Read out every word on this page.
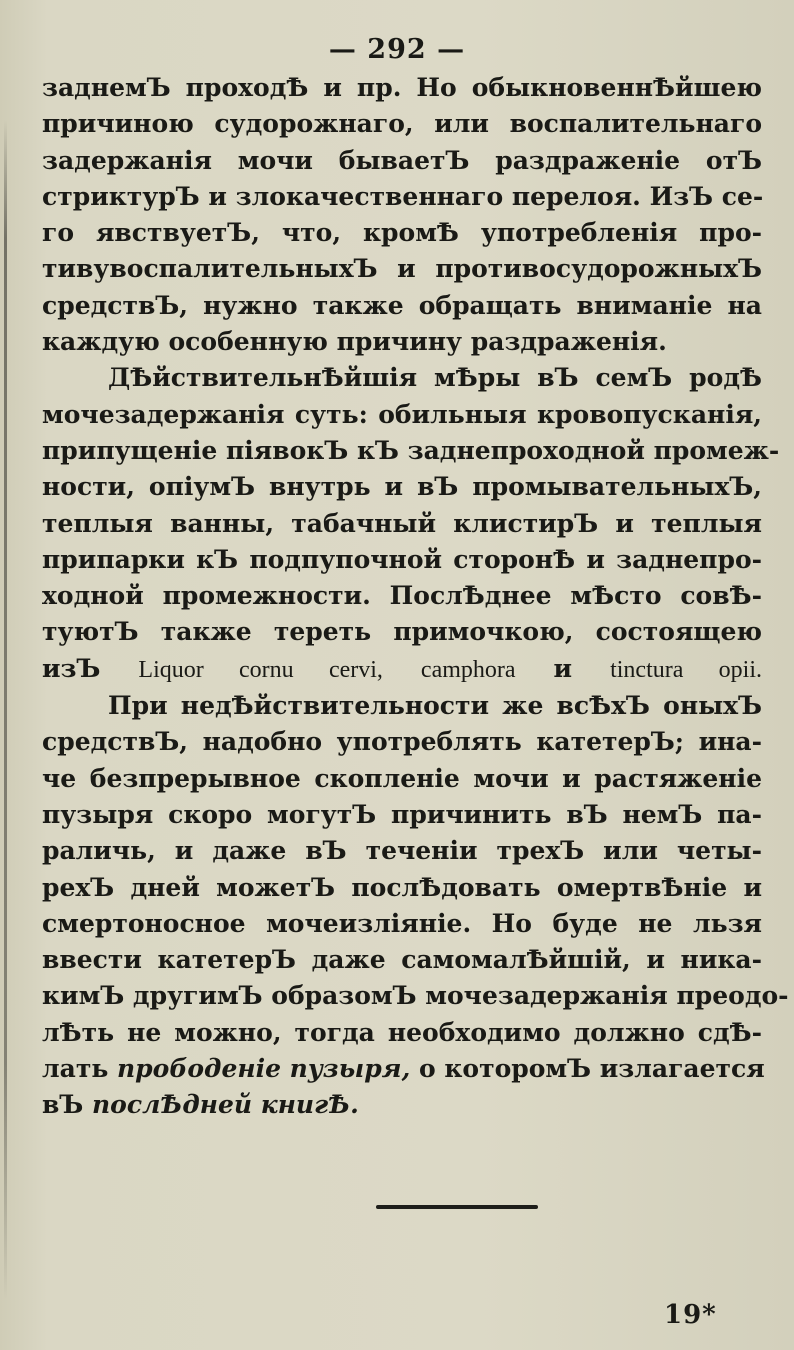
— 292 —
заднемЪ проходѢ и пр. Но обыкновеннѢйшею
причиною судорожнаго, или воспалительнаго
задержанія мочи бываетЪ раздраженіе отЪ
стриктурЪ и злокачественнаго перелоя. ИзЪ се-
го явствуетЪ, что, кромѢ употребленія про-
тивувоспалительныхЪ и противосудорожныхЪ
средствЪ, нужно также обращать вниманіе на
каждую особенную причину раздраженія.
ДѢйствительнѢйшія мѢры вЪ семЪ родѢ
мочезадержанія суть: обильныя кровопусканія,
припущеніе піявокЪ кЪ заднепроходной промеж-
ности, опіумЪ внутрь и вЪ промывательныхЪ,
теплыя ванны, табачный клистирЪ и теплыя
припарки кЪ подпупочной сторонѢ и заднепро-
ходной промежности. ПослѢднее мѢсто совѢ-
туютЪ также тереть примочкою, состоящею
изЪ Liquor cornu cervi, camphora и tinctura opii.
При недѢйствительности же всѢхЪ оныхЪ
средствЪ, надобно употреблять катетерЪ; ина-
че безпрерывное скопленіе мочи и растяженіе
пузыря скоро могутЪ причинить вЪ немЪ па-
раличь, и даже вЪ теченіи трехЪ или четы-
рехЪ дней можетЪ послѢдовать омертвѢніе и
смертоносное мочеизліяніе. Но буде не льзя
ввести катетерЪ даже самомалѢйшій, и ника-
кимЪ другимЪ образомЪ мочезадержанія преодо-
лѢть не можно, тогда необходимо должно сдѢ-
лать прободеніе пузыря, о которомЪ излагается
вЪ послѢдней книгѢ.
19*
